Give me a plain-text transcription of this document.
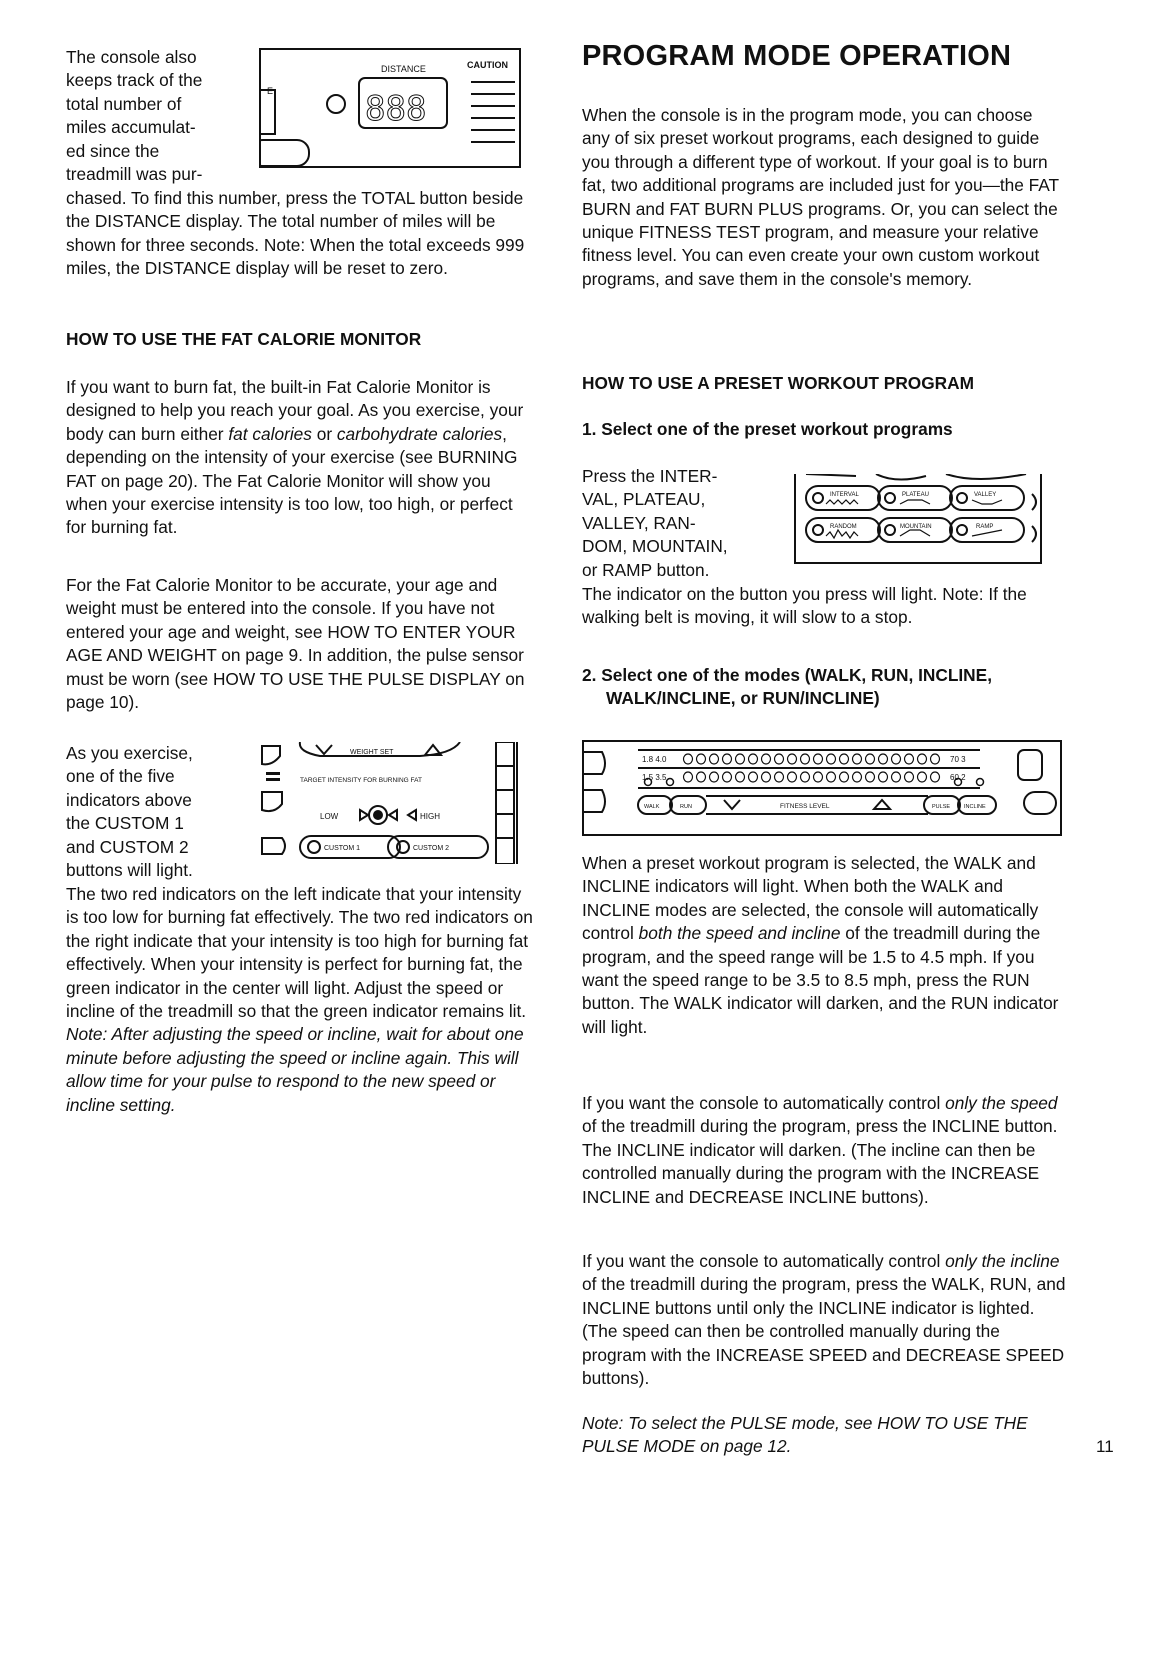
The console also

keeps track of the

total number of

miles accumulat-

ed since the

treadmill was pur-

E
DISTANCE
888
CAUTION

chased. To find this number, press the TOTAL button beside the DISTANCE display. The total number of miles will be shown for three seconds. Note: When the total exceeds 999 miles, the DISTANCE display will be reset to zero.

HOW TO USE THE FAT CALORIE MONITOR

If you want to burn fat, the built-in Fat Calorie Monitor is designed to help you reach your goal. As you exercise, your body can burn either fat calories or carbohydrate calories, depending on the intensity of your exercise (see BURNING FAT on page 20). The Fat Calorie Monitor will show you when your exercise intensity is too low, too high, or perfect for burning fat.

For the Fat Calorie Monitor to be accurate, your age and weight must be entered into the console. If you have not entered your age and weight, see HOW TO ENTER YOUR AGE AND WEIGHT on page 9. In addition, the pulse sensor must be worn (see HOW TO USE THE PULSE DISPLAY on page 10).

As you exercise,

one of the five

indicators above

the CUSTOM 1

and CUSTOM 2

buttons will light.

WEIGHT SET
TARGET INTENSITY FOR BURNING FAT
LOW	HIGH
CUSTOM 1	CUSTOM 2

The two red indicators on the left indicate that your intensity is too low for burning fat effectively. The two red indicators on the right indicate that your intensity is too high for burning fat effectively. When your intensity is perfect for burning fat, the green indicator in the center will light. Adjust the speed or incline of the treadmill so that the green indicator remains lit. Note: After adjusting the speed or incline, wait for about one minute before adjusting the speed or incline again. This will allow time for your pulse to respond to the new speed or incline setting.

PROGRAM MODE OPERATION

When the console is in the program mode, you can choose any of six preset workout programs, each designed to guide you through a different type of workout. If your goal is to burn fat, two additional programs are included just for you—the FAT BURN and FAT BURN PLUS programs. Or, you can select the unique FITNESS TEST program, and measure your relative fitness level. You can even create your own custom workout programs, and save them in the console's memory.

HOW TO USE A PRESET WORKOUT PROGRAM
1. Select one of the preset workout programs

Press the INTER-

VAL, PLATEAU,

VALLEY, RAN-

DOM, MOUNTAIN,

or RAMP button.

INTERVAL	PLATEAU	VALLEY
RANDOM	MOUNTAIN	RAMP

The indicator on the button you press will light. Note: If the walking belt is moving, it will slow to a stop.

2. Select one of the modes (WALK, RUN, INCLINE,
WALK/INCLINE, or RUN/INCLINE)
1.8 4.0
1.5 3.5
70 3
60 2
WALK	RUN	FITNESS LEVEL	PULSE	INCLINE

When a preset workout program is selected, the WALK and INCLINE indicators will light. When both the WALK and INCLINE modes are selected, the console will automatically control both the speed and incline of the treadmill during the program, and the speed range will be 1.5 to 4.5 mph. If you want the speed range to be 3.5 to 8.5 mph, press the RUN button. The WALK indicator will darken, and the RUN indicator will light.

If you want the console to automatically control only the speed of the treadmill during the program, press the INCLINE button. The INCLINE indicator will darken. (The incline can then be controlled manually during the program with the INCREASE INCLINE and DECREASE INCLINE buttons).

If you want the console to automatically control only the incline of the treadmill during the program, press the WALK, RUN, and INCLINE buttons until only the INCLINE indicator is lighted. (The speed can then be controlled manually during the program with the INCREASE SPEED and DECREASE SPEED buttons).

Note: To select the PULSE mode, see HOW TO USE THE PULSE MODE on page 12.	11
